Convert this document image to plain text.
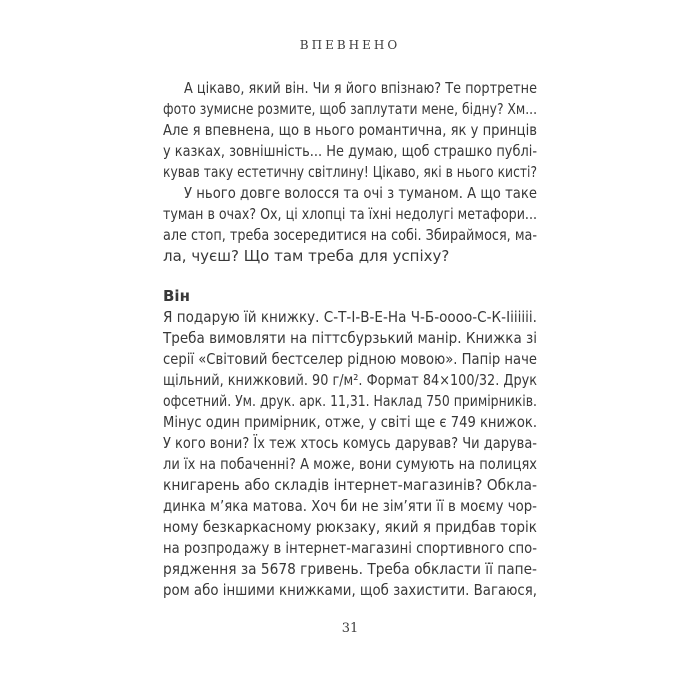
ВПЕВНЕНО
А цікаво, який він. Чи я його впізнаю? Те портретне
фото зумисне розмите, щоб заплутати мене, бідну? Хм...
Але я впевнена, що в нього романтична, як у принців
у казках, зовнішність... Не думаю, щоб страшко публі-
кував таку естетичну світлину! Цікаво, які в нього кисті?
У нього довге волосся та очі з туманом. А що таке
туман в очах? Ох, ці хлопці та їхні недолугі метафори...
але стоп, треба зосередитися на собі. Збираймося, ма-
ла, чуєш? Що там треба для успіху?
Він
Я подарую їй книжку. С-Т-І-В-Е-На Ч-Б-оооо-С-К-Ііііііі.
Треба вимовляти на піттсбурзький манір. Книжка зі
серії «Світовий бестселер рідною мовою». Папір наче
щільний, книжковий. 90 г/м². Формат 84×100/32. Друк
офсетний. Ум. друк. арк. 11,31. Наклад 750 примірників.
Мінус один примірник, отже, у світі ще є 749 книжок.
У кого вони? Їх теж хтось комусь дарував? Чи дарува-
ли їх на побаченні? А може, вони сумують на полицях
книгарень або складів інтернет-магазинів? Обкла-
динка м’яка матова. Хоч би не зім’яти її в моєму чор-
ному безкаркасному рюкзаку, який я придбав торік
на розпродажу в інтернет-магазині спортивного спо-
рядження за 5678 гривень. Треба обкласти її папе-
ром або іншими книжками, щоб захистити. Вагаюся,
31
